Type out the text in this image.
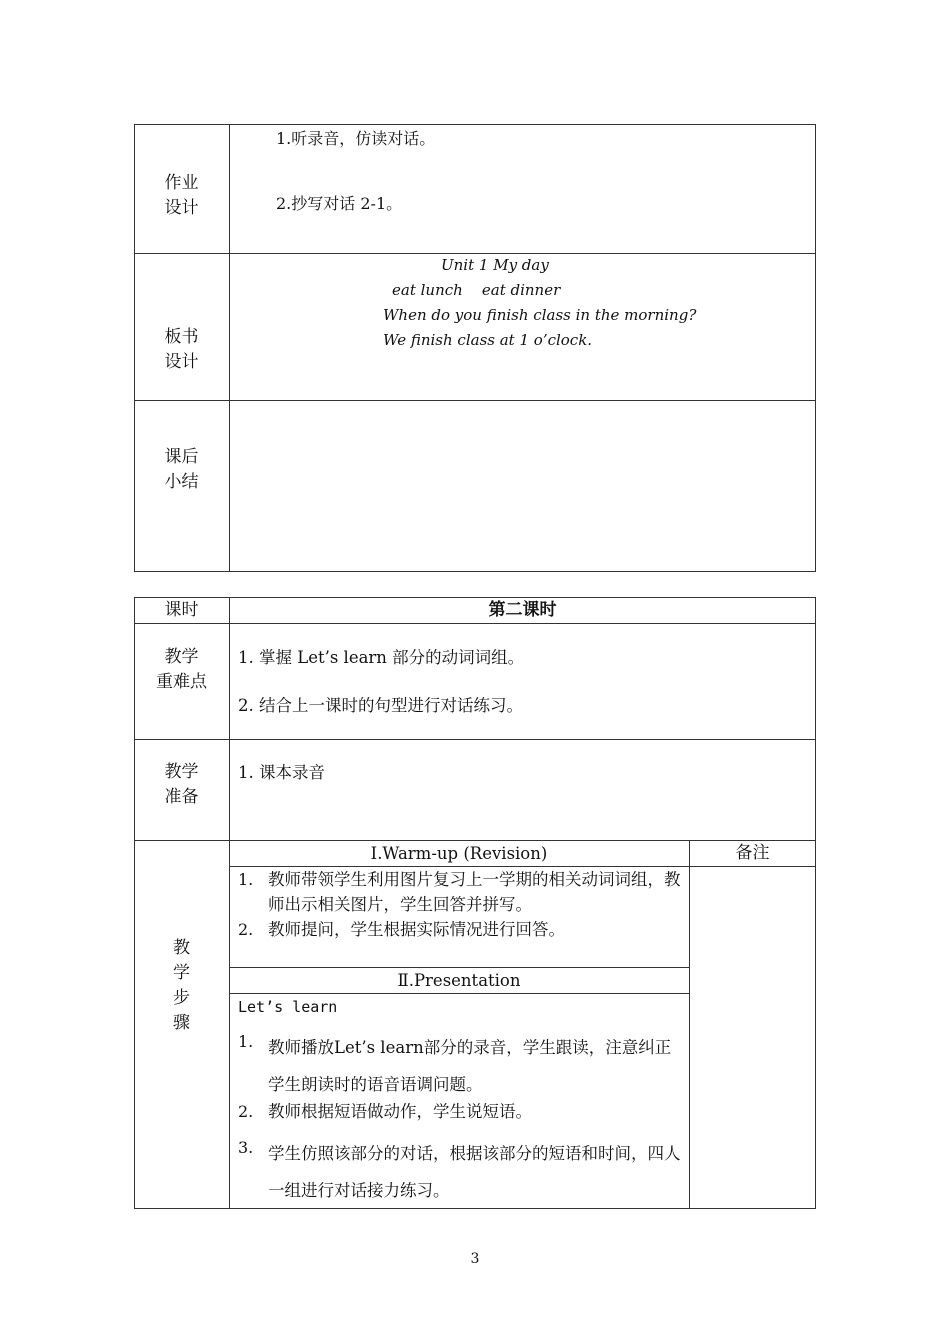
作业
设计
1.听录音，仿读对话。
2.抄写对话 2-1。
板书
设计
Unit 1 My day
eat lunch    eat dinner
When do you finish class in the morning?
We finish class at 1 o’clock.
课后
小结
课时	第二课时
教学
重难点
1. 掌握 Let’s learn 部分的动词词组。
2. 结合上一课时的句型进行对话练习。
教学
准备
1. 课本录音
教
学
步
骤
Ⅰ.Warm-up (Revision)	备注
1. 教师带领学生利用图片复习上一学期的相关动词词组，教师出示相关图片，学生回答并拼写。
2. 教师提问，学生根据实际情况进行回答。
Ⅱ.Presentation
Let’s learn
1. 教师播放Let’s learn部分的录音，学生跟读，注意纠正学生朗读时的语音语调问题。
2. 教师根据短语做动作，学生说短语。
3. 学生仿照该部分的对话，根据该部分的短语和时间，四人一组进行对话接力练习。
3
